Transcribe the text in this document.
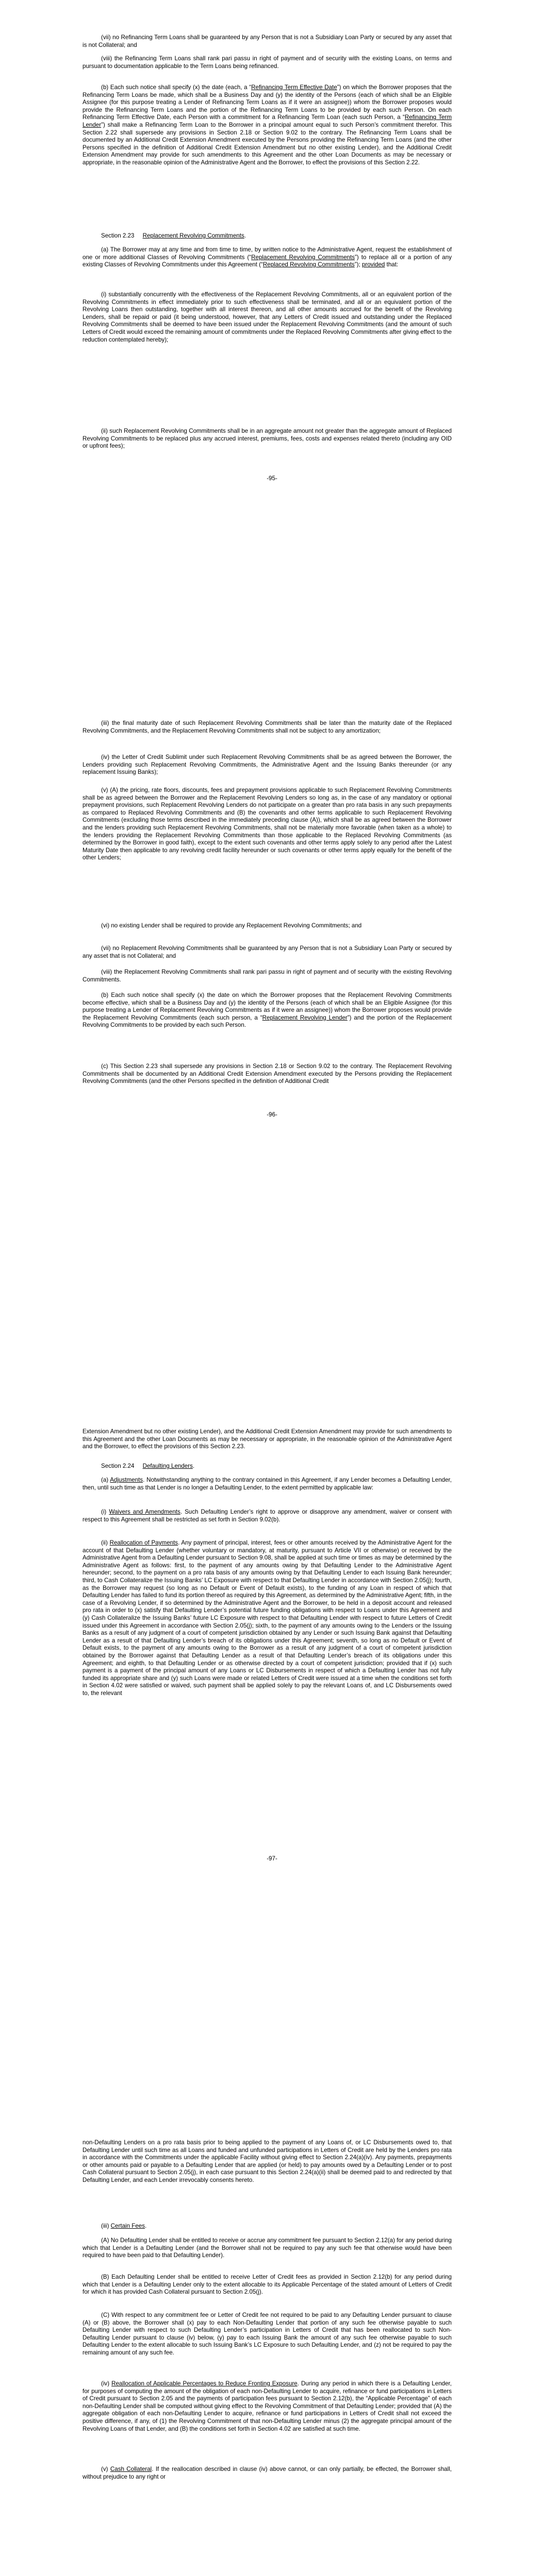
(vii) no Refinancing Term Loans shall be guaranteed by any Person that is not a Subsidiary Loan Party or secured by any asset that is not Collateral; and

(viii) the Refinancing Term Loans shall rank pari passu in right of payment and of security with the existing Loans, on terms and pursuant to documentation applicable to the Term Loans being refinanced.

(b) Each such notice shall specify (x) the date (each, a “Refinancing Term Effective Date”) on which the Borrower proposes that the Refinancing Term Loans be made, which shall be a Business Day and (y) the identity of the Persons (each of which shall be an Eligible Assignee (for this purpose treating a Lender of Refinancing Term Loans as if it were an assignee)) whom the Borrower proposes would provide the Refinancing Term Loans and the portion of the Refinancing Term Loans to be provided by each such Person. On each Refinancing Term Effective Date, each Person with a commitment for a Refinancing Term Loan (each such Person, a “Refinancing Term Lender”) shall make a Refinancing Term Loan to the Borrower in a principal amount equal to such Person’s commitment therefor. This Section 2.22 shall supersede any provisions in Section 2.18 or Section 9.02 to the contrary. The Refinancing Term Loans shall be documented by an Additional Credit Extension Amendment executed by the Persons providing the Refinancing Term Loans (and the other Persons specified in the definition of Additional Credit Extension Amendment but no other existing Lender), and the Additional Credit Extension Amendment may provide for such amendments to this Agreement and the other Loan Documents as may be necessary or appropriate, in the reasonable opinion of the Administrative Agent and the Borrower, to effect the provisions of this Section 2.22.

Section 2.23 Replacement Revolving Commitments.

(a) The Borrower may at any time and from time to time, by written notice to the Administrative Agent, request the establishment of one or more additional Classes of Revolving Commitments (“Replacement Revolving Commitments”) to replace all or a portion of any existing Classes of Revolving Commitments under this Agreement (“Replaced Revolving Commitments”); provided that:

(i) substantially concurrently with the effectiveness of the Replacement Revolving Commitments, all or an equivalent portion of the Revolving Commitments in effect immediately prior to such effectiveness shall be terminated, and all or an equivalent portion of the Revolving Loans then outstanding, together with all interest thereon, and all other amounts accrued for the benefit of the Revolving Lenders, shall be repaid or paid (it being understood, however, that any Letters of Credit issued and outstanding under the Replaced Revolving Commitments shall be deemed to have been issued under the Replacement Revolving Commitments (and the amount of such Letters of Credit would exceed the remaining amount of commitments under the Replaced Revolving Commitments after giving effect to the reduction contemplated hereby);

(ii) such Replacement Revolving Commitments shall be in an aggregate amount not greater than the aggregate amount of Replaced Revolving Commitments to be replaced plus any accrued interest, premiums, fees, costs and expenses related thereto (including any OID or upfront fees);

-95-

(iii) the final maturity date of such Replacement Revolving Commitments shall be later than the maturity date of the Replaced Revolving Commitments, and the Replacement Revolving Commitments shall not be subject to any amortization;

(iv) the Letter of Credit Sublimit under such Replacement Revolving Commitments shall be as agreed between the Borrower, the Lenders providing such Replacement Revolving Commitments, the Administrative Agent and the Issuing Banks thereunder (or any replacement Issuing Banks);

(v) (A) the pricing, rate floors, discounts, fees and prepayment provisions applicable to such Replacement Revolving Commitments shall be as agreed between the Borrower and the Replacement Revolving Lenders so long as, in the case of any mandatory or optional prepayment provisions, such Replacement Revolving Lenders do not participate on a greater than pro rata basis in any such prepayments as compared to Replaced Revolving Commitments and (B) the covenants and other terms applicable to such Replacement Revolving Commitments (excluding those terms described in the immediately preceding clause (A)), which shall be as agreed between the Borrower and the lenders providing such Replacement Revolving Commitments, shall not be materially more favorable (when taken as a whole) to the lenders providing the Replacement Revolving Commitments than those applicable to the Replaced Revolving Commitments (as determined by the Borrower in good faith), except to the extent such covenants and other terms apply solely to any period after the Latest Maturity Date then applicable to any revolving credit facility hereunder or such covenants or other terms apply equally for the benefit of the other Lenders;

(vi) no existing Lender shall be required to provide any Replacement Revolving Commitments; and

(vii) no Replacement Revolving Commitments shall be guaranteed by any Person that is not a Subsidiary Loan Party or secured by any asset that is not Collateral; and

(viii) the Replacement Revolving Commitments shall rank pari passu in right of payment and of security with the existing Revolving Commitments.

(b) Each such notice shall specify (x) the date on which the Borrower proposes that the Replacement Revolving Commitments become effective, which shall be a Business Day and (y) the identity of the Persons (each of which shall be an Eligible Assignee (for this purpose treating a Lender of Replacement Revolving Commitments as if it were an assignee)) whom the Borrower proposes would provide the Replacement Revolving Commitments (each such person, a “Replacement Revolving Lender”) and the portion of the Replacement Revolving Commitments to be provided by each such Person.

(c) This Section 2.23 shall supersede any provisions in Section 2.18 or Section 9.02 to the contrary. The Replacement Revolving Commitments shall be documented by an Additional Credit Extension Amendment executed by the Persons providing the Replacement Revolving Commitments (and the other Persons specified in the definition of Additional Credit

-96-

Extension Amendment but no other existing Lender), and the Additional Credit Extension Amendment may provide for such amendments to this Agreement and the other Loan Documents as may be necessary or appropriate, in the reasonable opinion of the Administrative Agent and the Borrower, to effect the provisions of this Section 2.23.

Section 2.24 Defaulting Lenders.

(a) Adjustments. Notwithstanding anything to the contrary contained in this Agreement, if any Lender becomes a Defaulting Lender, then, until such time as that Lender is no longer a Defaulting Lender, to the extent permitted by applicable law:

(i) Waivers and Amendments. Such Defaulting Lender’s right to approve or disapprove any amendment, waiver or consent with respect to this Agreement shall be restricted as set forth in Section 9.02(b).

(ii) Reallocation of Payments. Any payment of principal, interest, fees or other amounts received by the Administrative Agent for the account of that Defaulting Lender (whether voluntary or mandatory, at maturity, pursuant to Article VII or otherwise) or received by the Administrative Agent from a Defaulting Lender pursuant to Section 9.08, shall be applied at such time or times as may be determined by the Administrative Agent as follows: first, to the payment of any amounts owing by that Defaulting Lender to the Administrative Agent hereunder; second, to the payment on a pro rata basis of any amounts owing by that Defaulting Lender to each Issuing Bank hereunder; third, to Cash Collateralize the Issuing Banks’ LC Exposure with respect to that Defaulting Lender in accordance with Section 2.05(j); fourth, as the Borrower may request (so long as no Default or Event of Default exists), to the funding of any Loan in respect of which that Defaulting Lender has failed to fund its portion thereof as required by this Agreement, as determined by the Administrative Agent; fifth, in the case of a Revolving Lender, if so determined by the Administrative Agent and the Borrower, to be held in a deposit account and released pro rata in order to (x) satisfy that Defaulting Lender’s potential future funding obligations with respect to Loans under this Agreement and (y) Cash Collateralize the Issuing Banks’ future LC Exposure with respect to that Defaulting Lender with respect to future Letters of Credit issued under this Agreement in accordance with Section 2.05(j); sixth, to the payment of any amounts owing to the Lenders or the Issuing Banks as a result of any judgment of a court of competent jurisdiction obtained by any Lender or such Issuing Bank against that Defaulting Lender as a result of that Defaulting Lender’s breach of its obligations under this Agreement; seventh, so long as no Default or Event of Default exists, to the payment of any amounts owing to the Borrower as a result of any judgment of a court of competent jurisdiction obtained by the Borrower against that Defaulting Lender as a result of that Defaulting Lender’s breach of its obligations under this Agreement; and eighth, to that Defaulting Lender or as otherwise directed by a court of competent jurisdiction; provided that if (x) such payment is a payment of the principal amount of any Loans or LC Disbursements in respect of which a Defaulting Lender has not fully funded its appropriate share and (y) such Loans were made or related Letters of Credit were issued at a time when the conditions set forth in Section 4.02 were satisfied or waived, such payment shall be applied solely to pay the relevant Loans of, and LC Disbursements owed to, the relevant

-97-

non-Defaulting Lenders on a pro rata basis prior to being applied to the payment of any Loans of, or LC Disbursements owed to, that Defaulting Lender until such time as all Loans and funded and unfunded participations in Letters of Credit are held by the Lenders pro rata in accordance with the Commitments under the applicable Facility without giving effect to Section 2.24(a)(iv). Any payments, prepayments or other amounts paid or payable to a Defaulting Lender that are applied (or held) to pay amounts owed by a Defaulting Lender or to post Cash Collateral pursuant to Section 2.05(j), in each case pursuant to this Section 2.24(a)(ii) shall be deemed paid to and redirected by that Defaulting Lender, and each Lender irrevocably consents hereto.

(iii) Certain Fees.

(A) No Defaulting Lender shall be entitled to receive or accrue any commitment fee pursuant to Section 2.12(a) for any period during which that Lender is a Defaulting Lender (and the Borrower shall not be required to pay any such fee that otherwise would have been required to have been paid to that Defaulting Lender).

(B) Each Defaulting Lender shall be entitled to receive Letter of Credit fees as provided in Section 2.12(b) for any period during which that Lender is a Defaulting Lender only to the extent allocable to its Applicable Percentage of the stated amount of Letters of Credit for which it has provided Cash Collateral pursuant to Section 2.05(j).

(C) With respect to any commitment fee or Letter of Credit fee not required to be paid to any Defaulting Lender pursuant to clause (A) or (B) above, the Borrower shall (x) pay to each Non-Defaulting Lender that portion of any such fee otherwise payable to such Defaulting Lender with respect to such Defaulting Lender’s participation in Letters of Credit that has been reallocated to such Non-Defaulting Lender pursuant to clause (iv) below, (y) pay to each Issuing Bank the amount of any such fee otherwise payable to such Defaulting Lender to the extent allocable to such Issuing Bank’s LC Exposure to such Defaulting Lender, and (z) not be required to pay the remaining amount of any such fee.

(iv) Reallocation of Applicable Percentages to Reduce Fronting Exposure. During any period in which there is a Defaulting Lender, for purposes of computing the amount of the obligation of each non-Defaulting Lender to acquire, refinance or fund participations in Letters of Credit pursuant to Section 2.05 and the payments of participation fees pursuant to Section 2.12(b), the “Applicable Percentage” of each non-Defaulting Lender shall be computed without giving effect to the Revolving Commitment of that Defaulting Lender; provided that (A) the aggregate obligation of each non-Defaulting Lender to acquire, refinance or fund participations in Letters of Credit shall not exceed the positive difference, if any, of (1) the Revolving Commitment of that non-Defaulting Lender minus (2) the aggregate principal amount of the Revolving Loans of that Lender, and (B) the conditions set forth in Section 4.02 are satisfied at such time.

(v) Cash Collateral. If the reallocation described in clause (iv) above cannot, or can only partially, be effected, the Borrower shall, without prejudice to any right or
